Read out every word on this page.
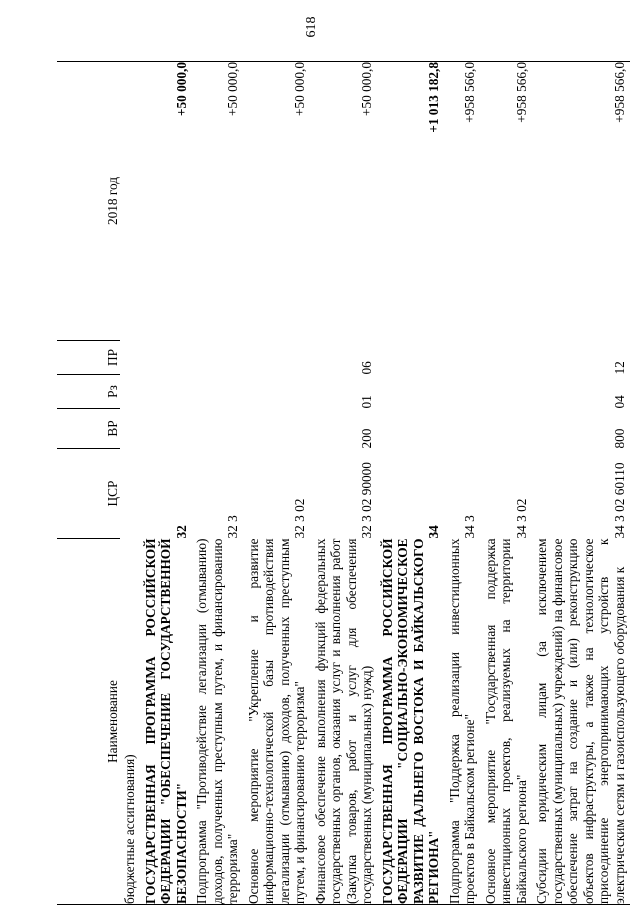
618
Наименование	ЦСР	ВР	Рз	ПР	2018 год
бюджетные ассигнования)					
ГОСУДАРСТВЕННАЯ ПРОГРАММА РОССИЙСКОЙ ФЕДЕРАЦИИ "ОБЕСПЕЧЕНИЕ ГОСУДАРСТВЕННОЙ БЕЗОПАСНОСТИ"	32				+50 000,0
Подпрограмма "Противодействие легализации (отмыванию) доходов, полученных преступным путем, и финансированию терроризма"	32 3				+50 000,0
Основное мероприятие "Укрепление и развитие информационно-технологической базы противодействия легализации (отмыванию) доходов, полученных преступным путем, и финансированию терроризма"	32 3 02				+50 000,0
Финансовое обеспечение выполнения функций федеральных государственных органов, оказания услуг и выполнения работ (Закупка товаров, работ и услуг для обеспечения государственных (муниципальных) нужд)	32 3 02 90000	200	01	06	+50 000,0
ГОСУДАРСТВЕННАЯ ПРОГРАММА РОССИЙСКОЙ ФЕДЕРАЦИИ "СОЦИАЛЬНО-ЭКОНОМИЧЕСКОЕ РАЗВИТИЕ ДАЛЬНЕГО ВОСТОКА И БАЙКАЛЬСКОГО РЕГИОНА"	34				+1 013 182,8
Подпрограмма "Поддержка реализации инвестиционных проектов в Байкальском регионе"	34 3				+958 566,0
Основное мероприятие "Государственная поддержка инвестиционных проектов, реализуемых на территории Байкальского региона"	34 3 02				+958 566,0
Субсидии юридическим лицам (за исключением государственных (муниципальных) учреждений) на финансовое обеспечение затрат на создание и (или) реконструкцию объектов инфраструктуры, а также на технологическое присоединение энергопринимающих устройств к электрическим сетям и газоиспользующего оборудования к	34 3 02 60110	800	04	12	+958 566,0
